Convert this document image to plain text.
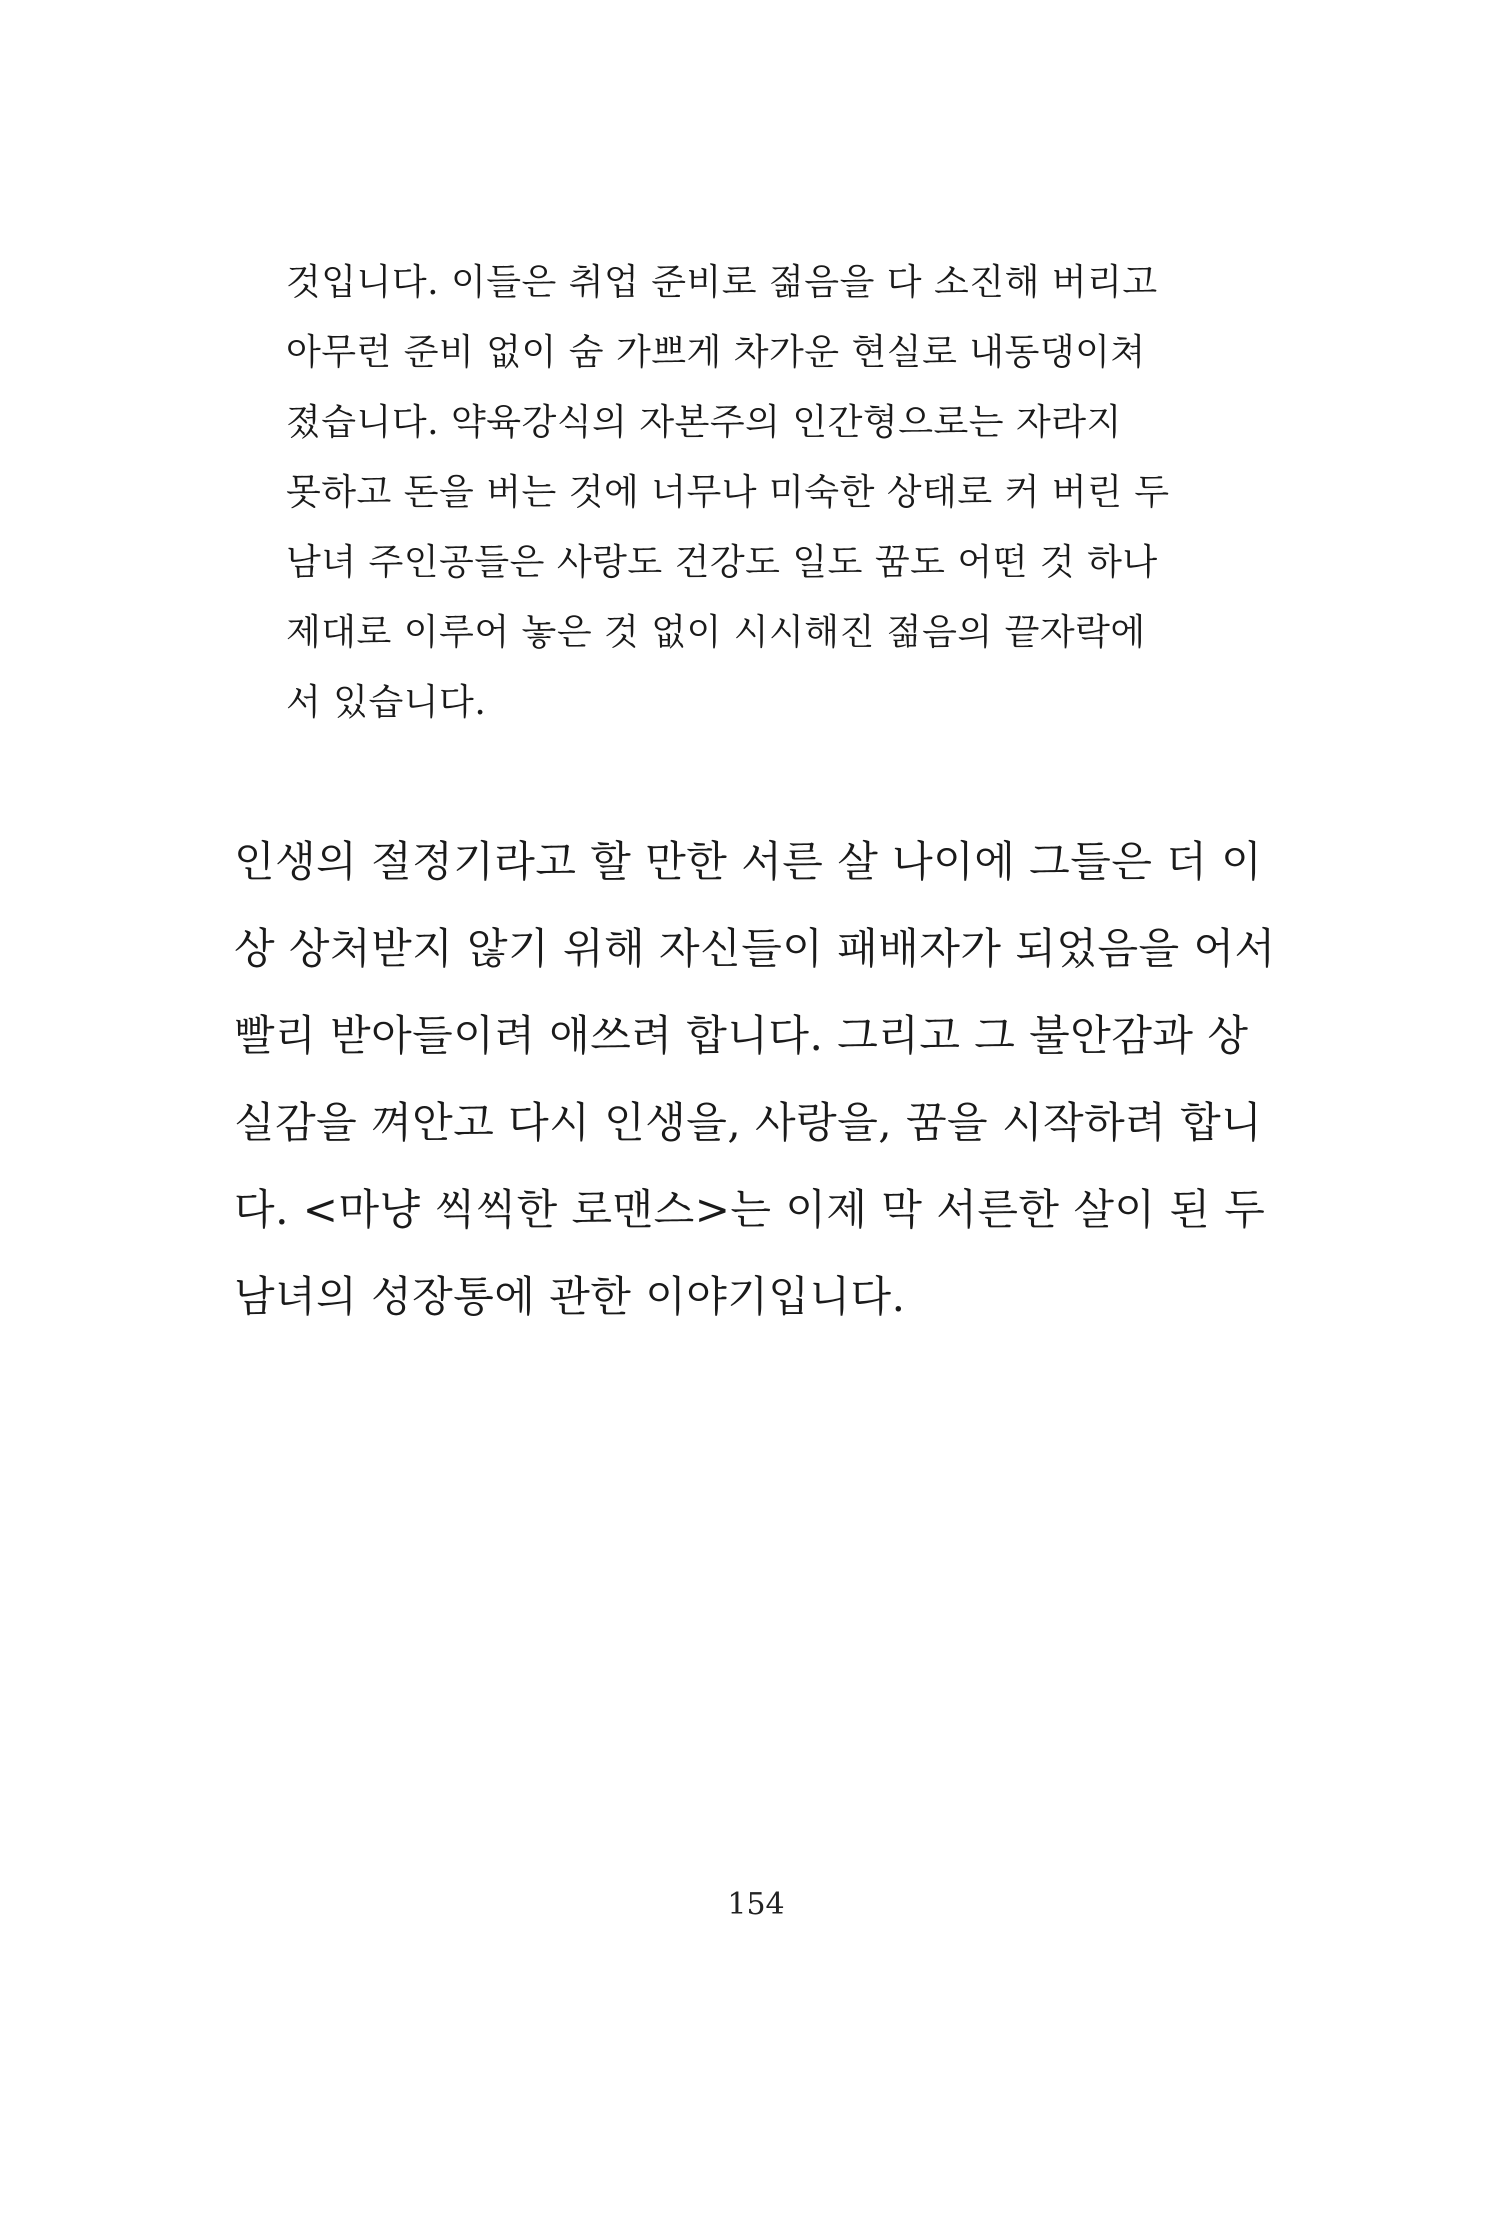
것입니다. 이들은 취업 준비로 젊음을 다 소진해 버리고
아무런 준비 없이 숨 가쁘게 차가운 현실로 내동댕이쳐
졌습니다. 약육강식의 자본주의 인간형으로는 자라지
못하고 돈을 버는 것에 너무나 미숙한 상태로 커 버린 두
남녀 주인공들은 사랑도 건강도 일도 꿈도 어떤 것 하나
제대로 이루어 놓은 것 없이 시시해진 젊음의 끝자락에
서 있습니다.
인생의 절정기라고 할 만한 서른 살 나이에 그들은 더 이
상 상처받지 않기 위해 자신들이 패배자가 되었음을 어서
빨리 받아들이려 애쓰려 합니다. 그리고 그 불안감과 상
실감을 껴안고 다시 인생을, 사랑을, 꿈을 시작하려 합니
다. <마냥 씩씩한 로맨스>는 이제 막 서른한 살이 된 두
남녀의 성장통에 관한 이야기입니다.
154
